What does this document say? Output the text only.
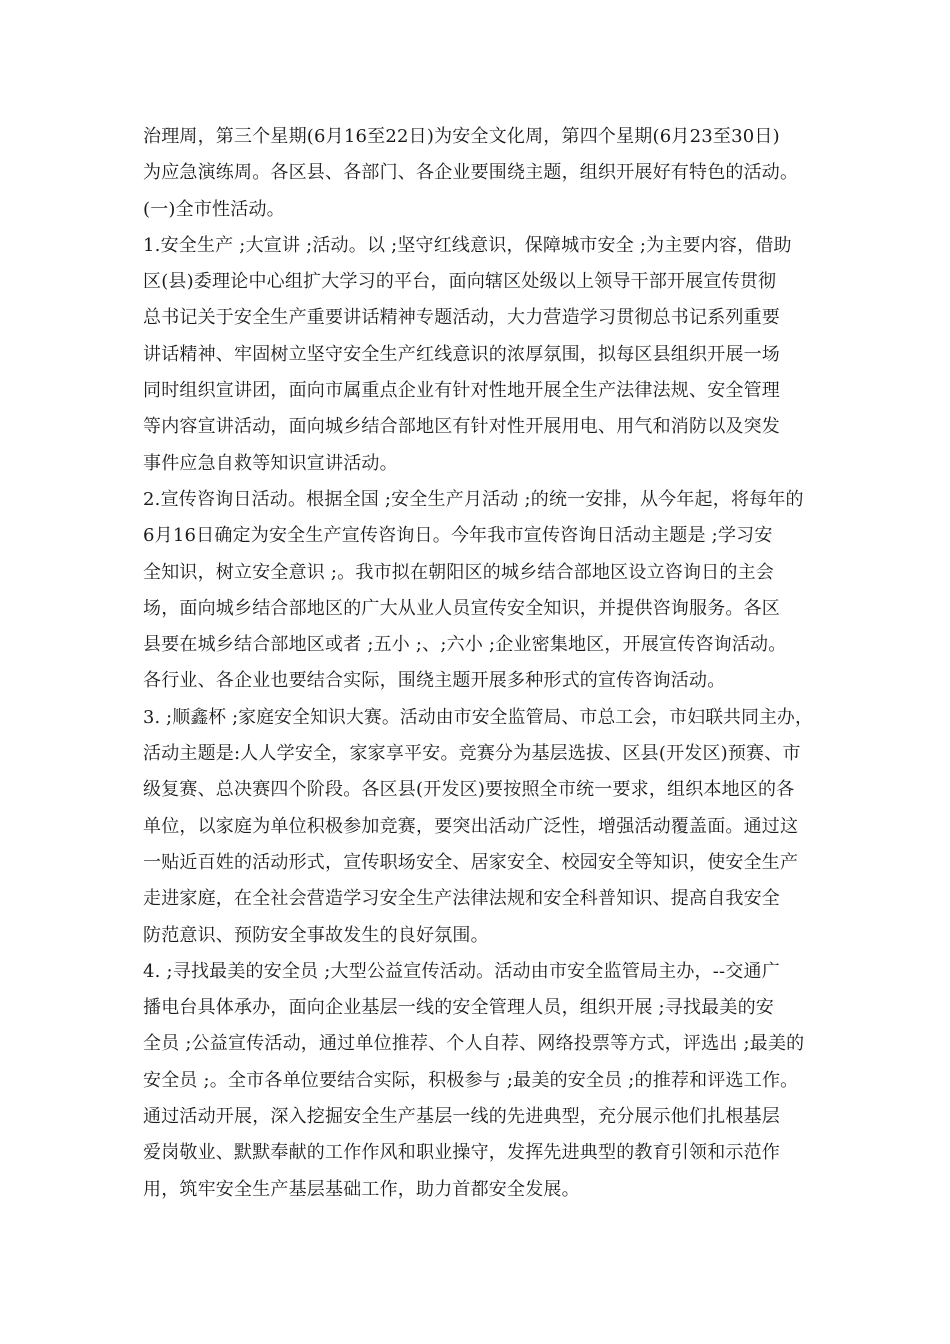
治理周，第三个星期(6月16至22日)为安全文化周，第四个星期(6月23至30日)
为应急演练周。各区县、各部门、各企业要围绕主题，组织开展好有特色的活动。
(一)全市性活动。
1.安全生产 ;大宣讲 ;活动。以 ;坚守红线意识，保障城市安全 ;为主要内容，借助
区(县)委理论中心组扩大学习的平台，面向辖区处级以上领导干部开展宣传贯彻
总书记关于安全生产重要讲话精神专题活动，大力营造学习贯彻总书记系列重要
讲话精神、牢固树立坚守安全生产红线意识的浓厚氛围，拟每区县组织开展一场
同时组织宣讲团，面向市属重点企业有针对性地开展全生产法律法规、安全管理
等内容宣讲活动，面向城乡结合部地区有针对性开展用电、用气和消防以及突发
事件应急自救等知识宣讲活动。
2.宣传咨询日活动。根据全国 ;安全生产月活动 ;的统一安排，从今年起，将每年的
6月16日确定为安全生产宣传咨询日。今年我市宣传咨询日活动主题是 ;学习安
全知识，树立安全意识 ;。我市拟在朝阳区的城乡结合部地区设立咨询日的主会
场，面向城乡结合部地区的广大从业人员宣传安全知识，并提供咨询服务。各区
县要在城乡结合部地区或者 ;五小 ;、;六小 ;企业密集地区，开展宣传咨询活动。
各行业、各企业也要结合实际，围绕主题开展多种形式的宣传咨询活动。
3. ;顺鑫杯 ;家庭安全知识大赛。活动由市安全监管局、市总工会，市妇联共同主办，
活动主题是:人人学安全，家家享平安。竞赛分为基层选拔、区县(开发区)预赛、市
级复赛、总决赛四个阶段。各区县(开发区)要按照全市统一要求，组织本地区的各
单位，以家庭为单位积极参加竞赛，要突出活动广泛性，增强活动覆盖面。通过这
一贴近百姓的活动形式，宣传职场安全、居家安全、校园安全等知识，使安全生产
走进家庭，在全社会营造学习安全生产法律法规和安全科普知识、提高自我安全
防范意识、预防安全事故发生的良好氛围。
4. ;寻找最美的安全员 ;大型公益宣传活动。活动由市安全监管局主办，--交通广
播电台具体承办，面向企业基层一线的安全管理人员，组织开展 ;寻找最美的安
全员 ;公益宣传活动，通过单位推荐、个人自荐、网络投票等方式，评选出 ;最美的
安全员 ;。全市各单位要结合实际，积极参与 ;最美的安全员 ;的推荐和评选工作。
通过活动开展，深入挖掘安全生产基层一线的先进典型，充分展示他们扎根基层
爱岗敬业、默默奉献的工作作风和职业操守，发挥先进典型的教育引领和示范作
用，筑牢安全生产基层基础工作，助力首都安全发展。
